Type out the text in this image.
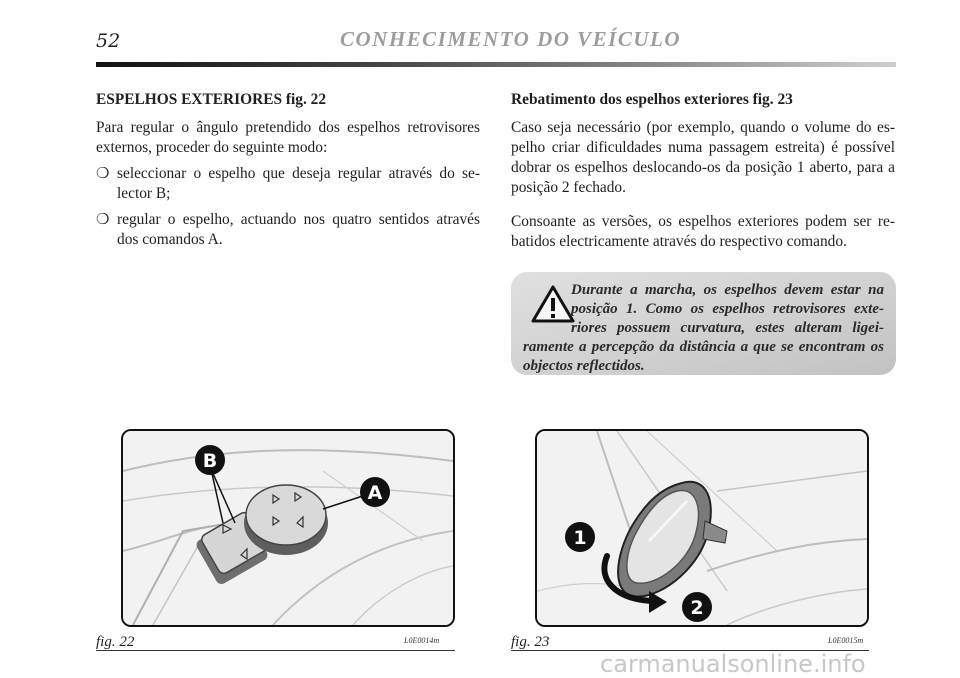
52	CONHECIMENTO DO VEÍCULO
ESPELHOS EXTERIORES fig. 22

Para regular o ângulo pretendido dos espelhos retrovisores externos, proceder do seguinte modo:

❍ seleccionar o espelho que deseja regular através do selector B;
❍ regular o espelho, actuando nos quatro sentidos através dos comandos A.
Rebatimento dos espelhos exteriores fig. 23

Caso seja necessário (por exemplo, quando o volume do espelho criar dificuldades numa passagem estreita) é possível dobrar os espelhos deslocando-os da posição 1 aberto, para a posição 2 fechado.

Consoante as versões, os espelhos exteriores podem ser rebatidos electricamente através do respectivo comando.

Durante a marcha, os espelhos devem estar na posição 1. Como os espelhos retrovisores exteriores possuem curvatura, estes alteram ligeiramente a percepção da distância a que se encontram os objectos reflectidos.
B
A
1
2
fig. 22	L0E0014m	fig. 23	L0E0015m
carmanualsonline.info
